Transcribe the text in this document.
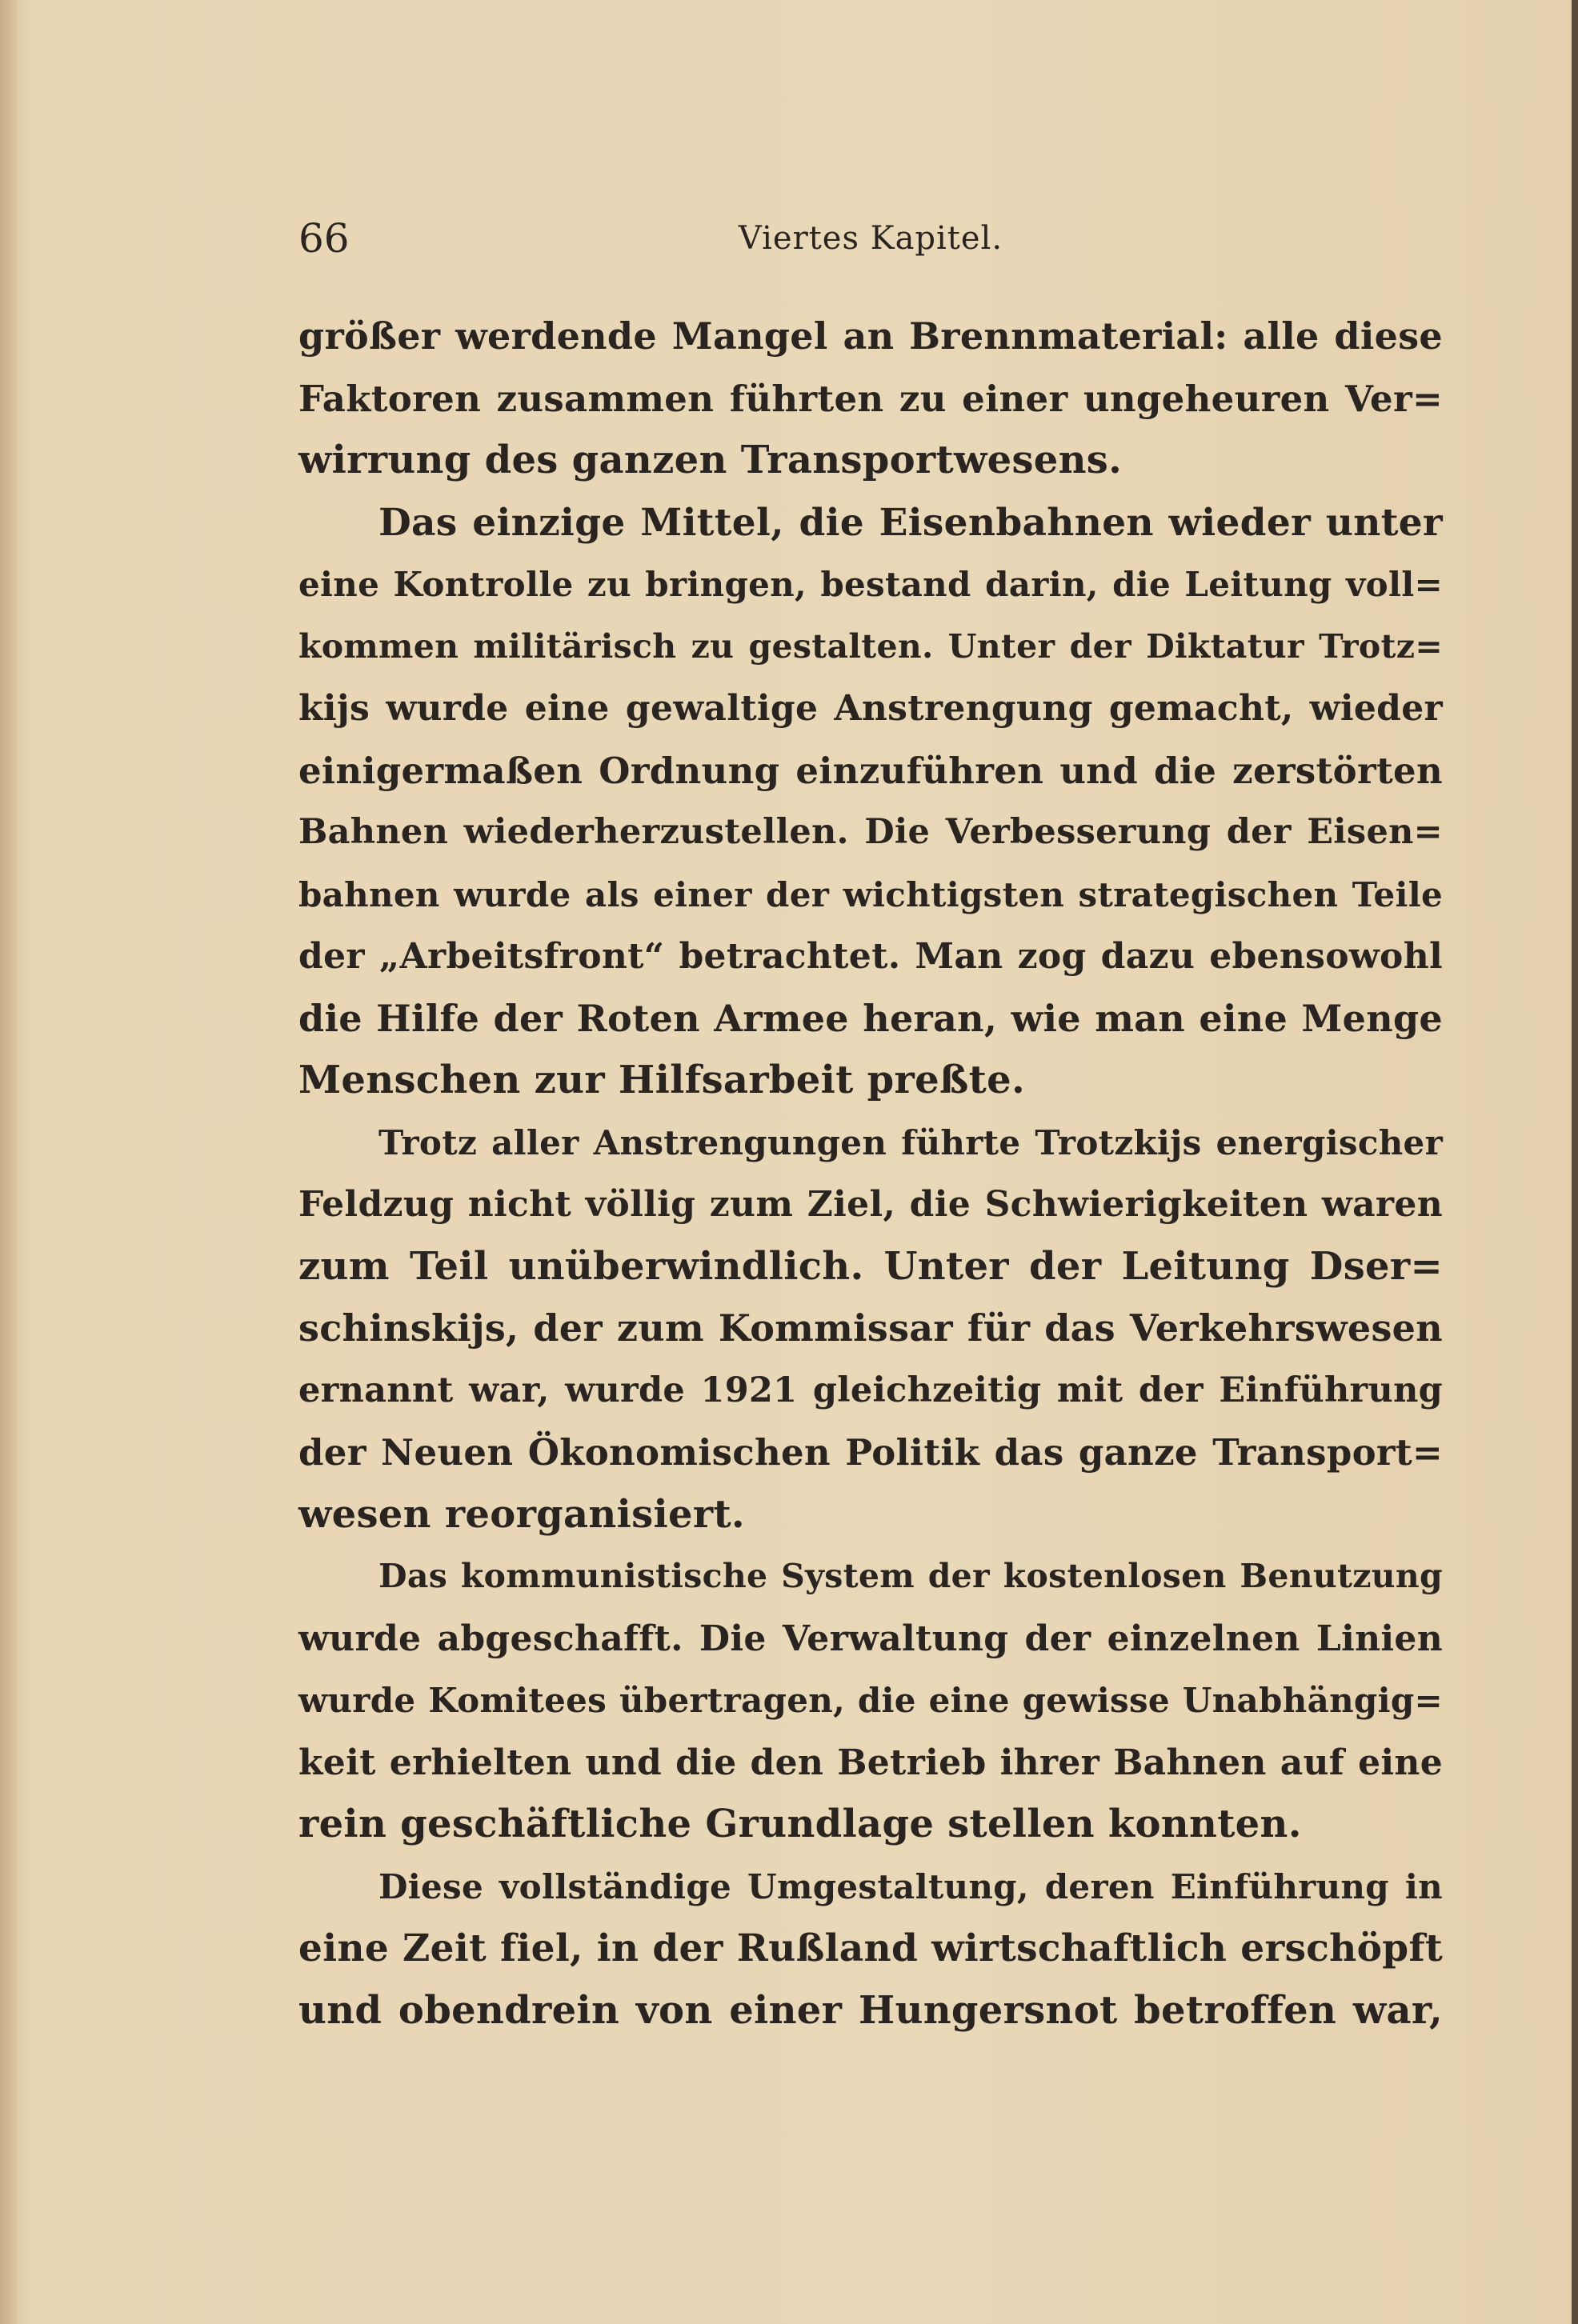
Viertes Kapitel.
66
größer werdende Mangel an Brennmaterial: alle diese
Faktoren zusammen führten zu einer ungeheuren Ver=
wirrung des ganzen Transportwesens.
Das einzige Mittel, die Eisenbahnen wieder unter
eine Kontrolle zu bringen, bestand darin, die Leitung voll=
kommen militärisch zu gestalten. Unter der Diktatur Trotz=
kijs wurde eine gewaltige Anstrengung gemacht, wieder
einigermaßen Ordnung einzuführen und die zerstörten
Bahnen wiederherzustellen. Die Verbesserung der Eisen=
bahnen wurde als einer der wichtigsten strategischen Teile
der „Arbeitsfront“ betrachtet. Man zog dazu ebensowohl
die Hilfe der Roten Armee heran, wie man eine Menge
Menschen zur Hilfsarbeit preßte.
Trotz aller Anstrengungen führte Trotzkijs energischer
Feldzug nicht völlig zum Ziel, die Schwierigkeiten waren
zum Teil unüberwindlich. Unter der Leitung Dser=
schinskijs, der zum Kommissar für das Verkehrswesen
ernannt war, wurde 1921 gleichzeitig mit der Einführung
der Neuen Ökonomischen Politik das ganze Transport=
wesen reorganisiert.
Das kommunistische System der kostenlosen Benutzung
wurde abgeschafft. Die Verwaltung der einzelnen Linien
wurde Komitees übertragen, die eine gewisse Unabhängig=
keit erhielten und die den Betrieb ihrer Bahnen auf eine
rein geschäftliche Grundlage stellen konnten.
Diese vollständige Umgestaltung, deren Einführung in
eine Zeit fiel, in der Rußland wirtschaftlich erschöpft
und obendrein von einer Hungersnot betroffen war,
